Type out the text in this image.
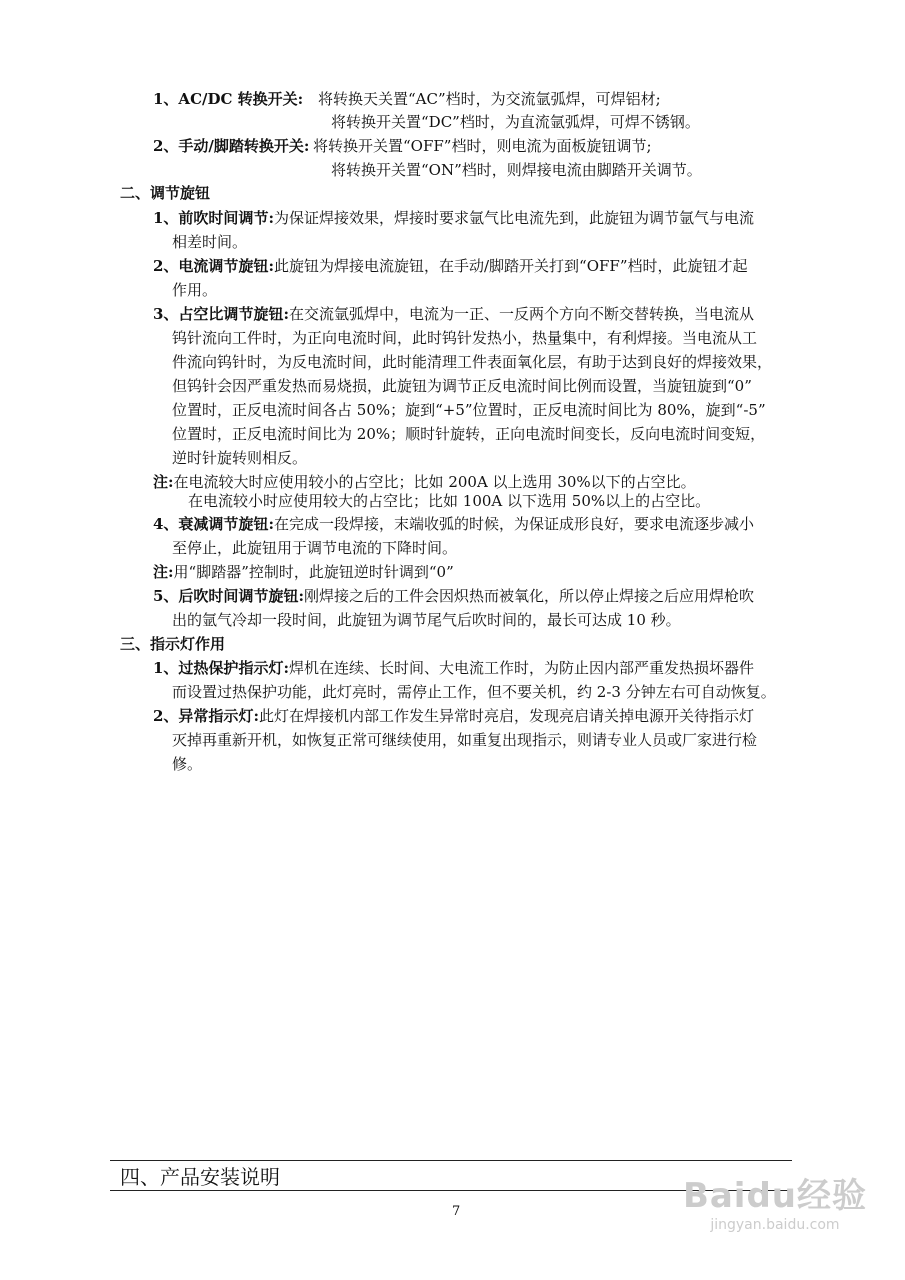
1、AC/DC 转换开关: 将转换天关置“AC”档时，为交流氩弧焊，可焊铝材;
将转换开关置“DC”档时，为直流氩弧焊，可焊不锈钢。
2、手动/脚踏转换开关: 将转换开关置“OFF”档时，则电流为面板旋钮调节;
将转换开关置“ON”档时，则焊接电流由脚踏开关调节。
二、调节旋钮
1、前吹时间调节:为保证焊接效果，焊接时要求氩气比电流先到，此旋钮为调节氩气与电流
相差时间。
2、电流调节旋钮:此旋钮为焊接电流旋钮，在手动/脚踏开关打到“OFF”档时，此旋钮才起
作用。
3、占空比调节旋钮:在交流氩弧焊中，电流为一正、一反两个方向不断交替转换，当电流从
钨针流向工件时，为正向电流时间，此时钨针发热小，热量集中，有利焊接。当电流从工
件流向钨针时，为反电流时间，此时能清理工件表面氧化层，有助于达到良好的焊接效果，
但钨针会因严重发热而易烧损，此旋钮为调节正反电流时间比例而设置，当旋钮旋到“0”
位置时，正反电流时间各占 50%；旋到“+5”位置时，正反电流时间比为 80%，旋到“-5”
位置时，正反电流时间比为 20%；顺时针旋转，正向电流时间变长，反向电流时间变短，
逆时针旋转则相反。
注:在电流较大时应使用较小的占空比；比如 200A 以上选用 30%以下的占空比。
在电流较小时应使用较大的占空比；比如 100A 以下选用 50%以上的占空比。
4、衰减调节旋钮:在完成一段焊接，末端收弧的时候，为保证成形良好，要求电流逐步减小
至停止，此旋钮用于调节电流的下降时间。
注:用“脚踏器”控制时，此旋钮逆时针调到“0”
5、后吹时间调节旋钮:刚焊接之后的工件会因炽热而被氧化，所以停止焊接之后应用焊枪吹
出的氩气冷却一段时间，此旋钮为调节尾气后吹时间的，最长可达成 10 秒。
三、指示灯作用
1、过热保护指示灯:焊机在连续、长时间、大电流工作时，为防止因内部严重发热损坏器件
而设置过热保护功能，此灯亮时，需停止工作，但不要关机，约 2-3 分钟左右可自动恢复。
2、异常指示灯:此灯在焊接机内部工作发生异常时亮启，发现亮启请关掉电源开关待指示灯
灭掉再重新开机，如恢复正常可继续使用，如重复出现指示，则请专业人员或厂家进行检
修。
四、产品安装说明
7	Baidu经验
jingyan.baidu.com
